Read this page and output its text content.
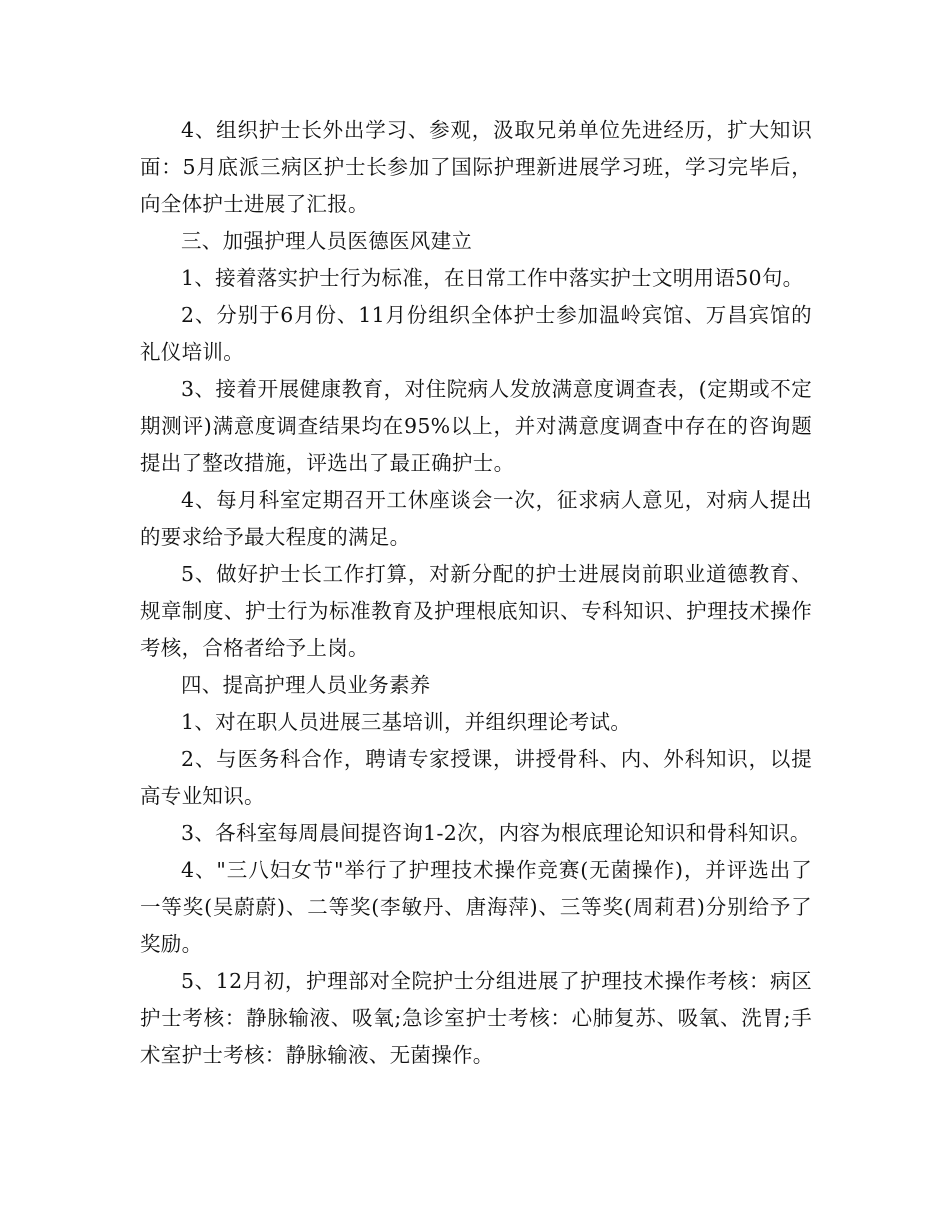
4、组织护士长外出学习、参观，汲取兄弟单位先进经历，扩大知识面：5月底派三病区护士长参加了国际护理新进展学习班，学习完毕后，向全体护士进展了汇报。

三、加强护理人员医德医风建立

1、接着落实护士行为标准，在日常工作中落实护士文明用语50句。

2、分别于6月份、11月份组织全体护士参加温岭宾馆、万昌宾馆的礼仪培训。

3、接着开展健康教育，对住院病人发放满意度调查表，(定期或不定期测评)满意度调查结果均在95%以上，并对满意度调查中存在的咨询题提出了整改措施，评选出了最正确护士。

4、每月科室定期召开工休座谈会一次，征求病人意见，对病人提出的要求给予最大程度的满足。

5、做好护士长工作打算，对新分配的护士进展岗前职业道德教育、规章制度、护士行为标准教育及护理根底知识、专科知识、护理技术操作考核，合格者给予上岗。

四、提高护理人员业务素养

1、对在职人员进展三基培训，并组织理论考试。

2、与医务科合作，聘请专家授课，讲授骨科、内、外科知识，以提高专业知识。

3、各科室每周晨间提咨询1-2次，内容为根底理论知识和骨科知识。

4、"三八妇女节"举行了护理技术操作竞赛(无菌操作)，并评选出了一等奖(吴蔚蔚)、二等奖(李敏丹、唐海萍)、三等奖(周莉君)分别给予了奖励。

5、12月初，护理部对全院护士分组进展了护理技术操作考核：病区护士考核：静脉输液、吸氧;急诊室护士考核：心肺复苏、吸氧、洗胃;手术室护士考核：静脉输液、无菌操作。
